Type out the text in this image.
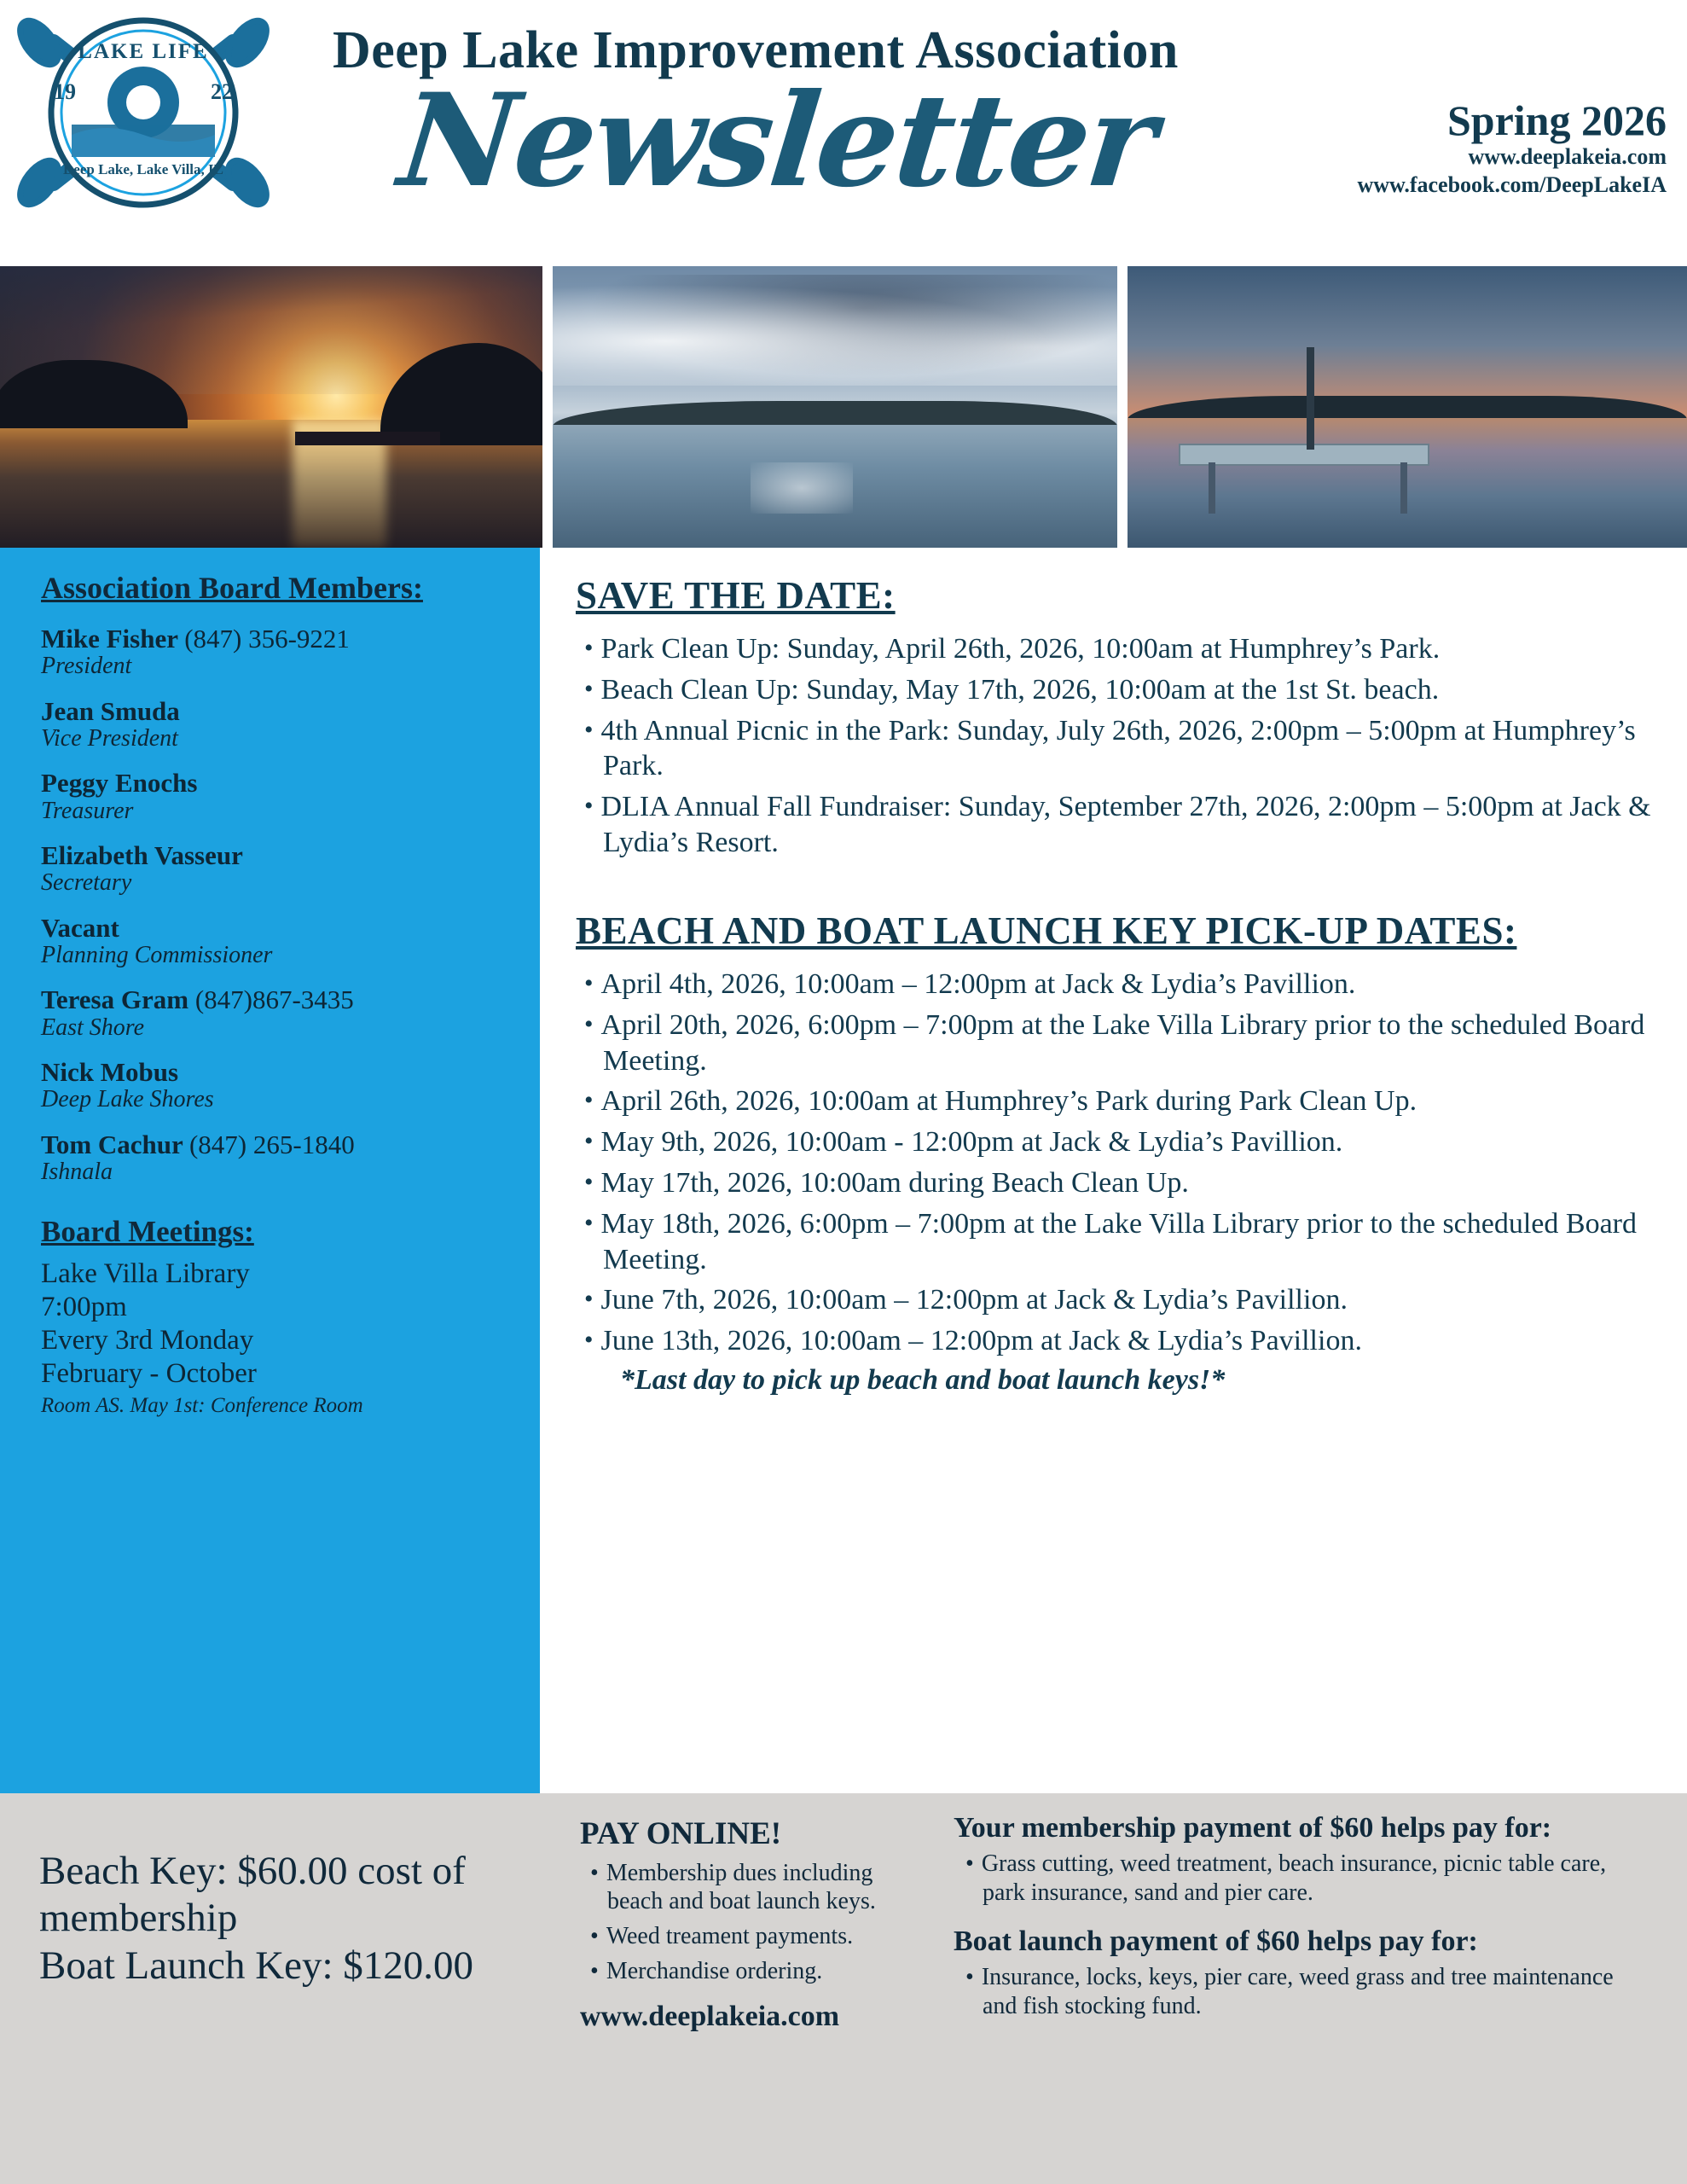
LAKE LIFE
19	22
Deep Lake, Lake Villa, IL
Deep Lake Improvement Association
Newsletter	Spring 2026
www.deeplakeia.com
www.facebook.com/DeepLakeIA
Association Board Members:
Mike Fisher (847) 356-9221
President
Jean Smuda
Vice President
Peggy Enochs
Treasurer
Elizabeth Vasseur
Secretary
Vacant
Planning Commissioner
Teresa Gram (847)867-3435
East Shore
Nick Mobus
Deep Lake Shores
Tom Cachur (847) 265-1840
Ishnala
Board Meetings:
Lake Villa Library
7:00pm
Every 3rd Monday
February - October
Room AS. May 1st: Conference Room
SAVE THE DATE:
• Park Clean Up: Sunday, April 26th, 2026, 10:00am at Humphrey’s Park.
• Beach Clean Up: Sunday, May 17th, 2026, 10:00am at the 1st St. beach.
• 4th Annual Picnic in the Park: Sunday, July 26th, 2026, 2:00pm – 5:00pm at Humphrey’s Park.
• DLIA Annual Fall Fundraiser: Sunday, September 27th, 2026, 2:00pm – 5:00pm at Jack & Lydia’s Resort.
BEACH AND BOAT LAUNCH KEY PICK-UP DATES:
• April 4th, 2026, 10:00am – 12:00pm at Jack & Lydia’s Pavillion.
• April 20th, 2026, 6:00pm – 7:00pm at the Lake Villa Library prior to the scheduled Board Meeting.
• April 26th, 2026, 10:00am at Humphrey’s Park during Park Clean Up.
• May 9th, 2026, 10:00am - 12:00pm at Jack & Lydia’s Pavillion.
• May 17th, 2026, 10:00am during Beach Clean Up.
• May 18th, 2026, 6:00pm – 7:00pm at the Lake Villa Library prior to the scheduled Board Meeting.
• June 7th, 2026, 10:00am – 12:00pm at Jack & Lydia’s Pavillion.
• June 13th, 2026, 10:00am – 12:00pm at Jack & Lydia’s Pavillion.
*Last day to pick up beach and boat launch keys!*
Beach Key: $60.00 cost of membership
Boat Launch Key: $120.00
PAY ONLINE!
• Membership dues including beach and boat launch keys.
• Weed treament payments.
• Merchandise ordering.
www.deeplakeia.com
Your membership payment of $60 helps pay for:
• Grass cutting, weed treatment, beach insurance, picnic table care, park insurance, sand and pier care.
Boat launch payment of $60 helps pay for:
• Insurance, locks, keys, pier care, weed grass and tree maintenance and fish stocking fund.
